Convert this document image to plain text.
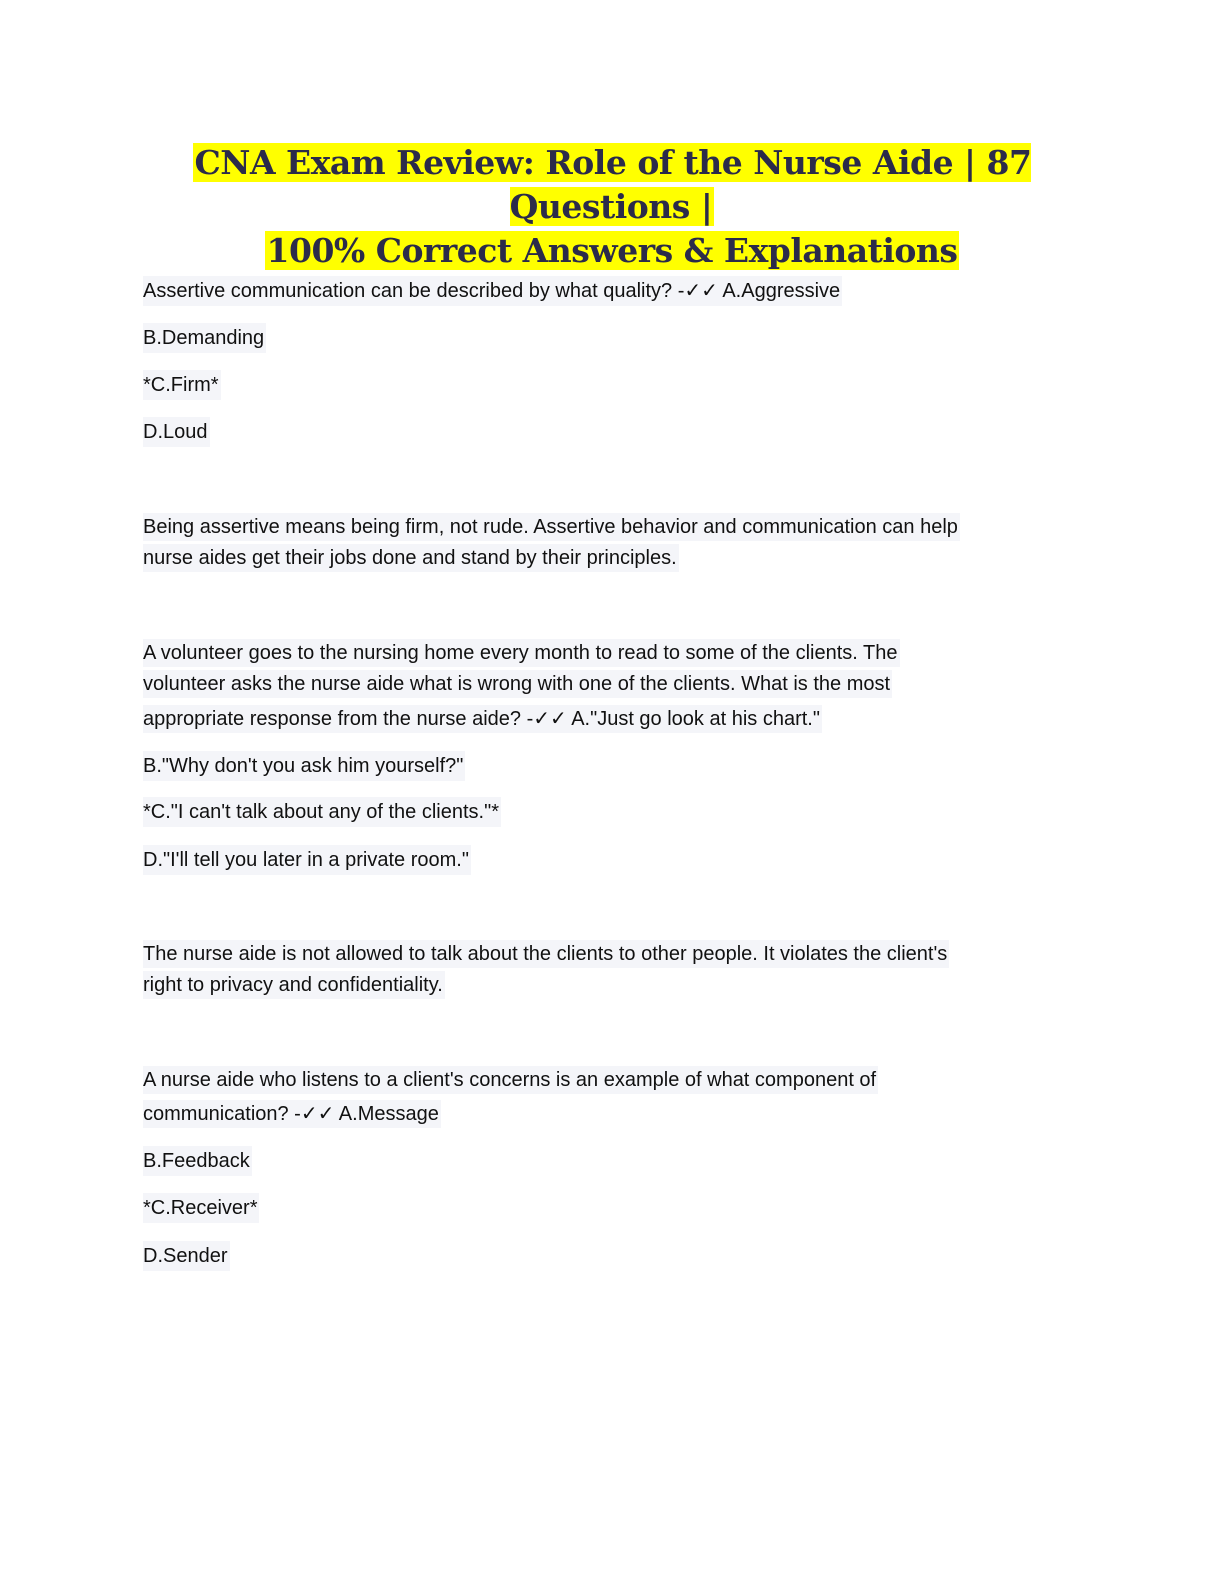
CNA Exam Review: Role of the Nurse Aide | 87 Questions |
100% Correct Answers & Explanations
Assertive communication can be described by what quality? -✓✓ A.Aggressive
B.Demanding
*C.Firm*
D.Loud
Being assertive means being firm, not rude. Assertive behavior and communication can help
nurse aides get their jobs done and stand by their principles.
A volunteer goes to the nursing home every month to read to some of the clients. The
volunteer asks the nurse aide what is wrong with one of the clients. What is the most
appropriate response from the nurse aide? -✓✓ A."Just go look at his chart."
B."Why don't you ask him yourself?"
*C."I can't talk about any of the clients."*
D."I'll tell you later in a private room."
The nurse aide is not allowed to talk about the clients to other people. It violates the client's
right to privacy and confidentiality.
A nurse aide who listens to a client's concerns is an example of what component of
communication? -✓✓ A.Message
B.Feedback
*C.Receiver*
D.Sender
